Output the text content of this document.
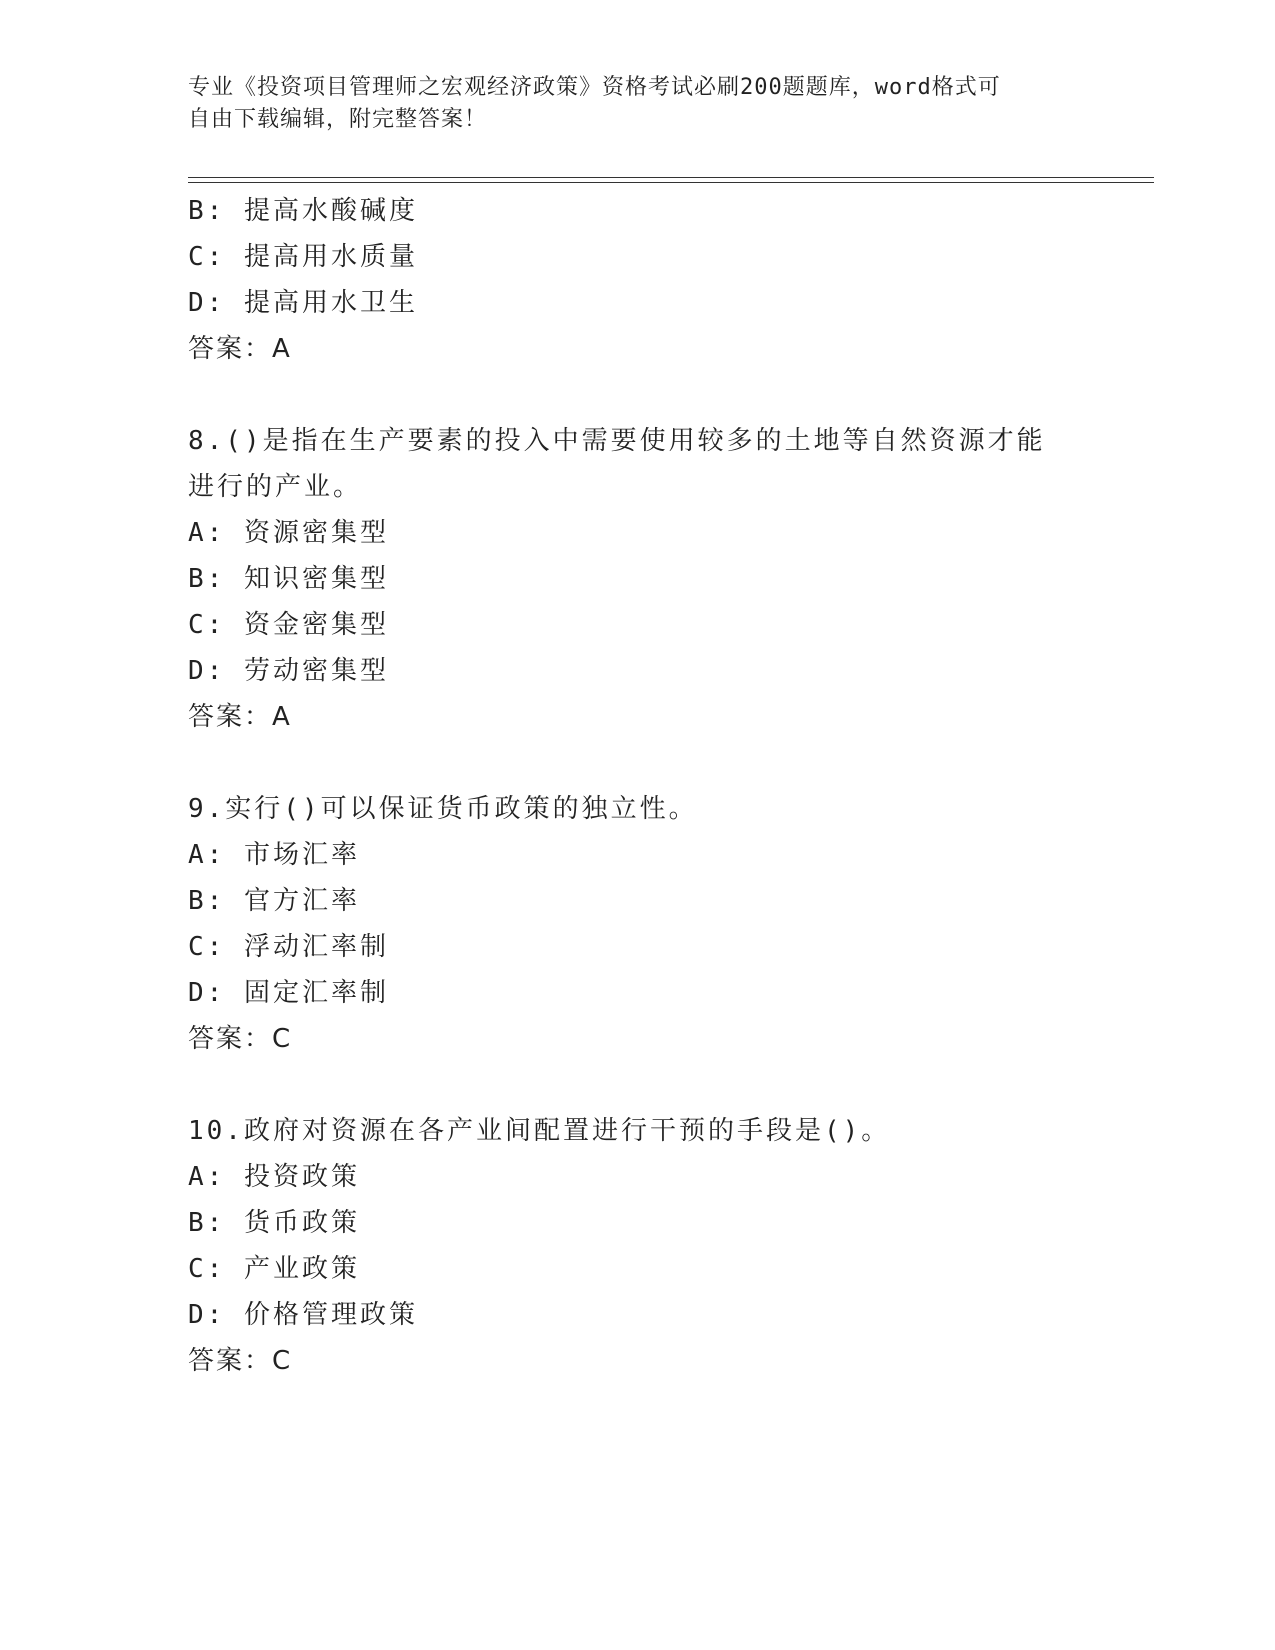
专业《投资项目管理师之宏观经济政策》资格考试必刷200题题库，word格式可
自由下载编辑，附完整答案！
B: 提高水酸碱度
C: 提高用水质量
D: 提高用水卫生
答案：A
8.()是指在生产要素的投入中需要使用较多的土地等自然资源才能进行的产业。
A: 资源密集型
B: 知识密集型
C: 资金密集型
D: 劳动密集型
答案：A
9.实行()可以保证货币政策的独立性。
A: 市场汇率
B: 官方汇率
C: 浮动汇率制
D: 固定汇率制
答案：C
10.政府对资源在各产业间配置进行干预的手段是()。
A: 投资政策
B: 货币政策
C: 产业政策
D: 价格管理政策
答案：C
